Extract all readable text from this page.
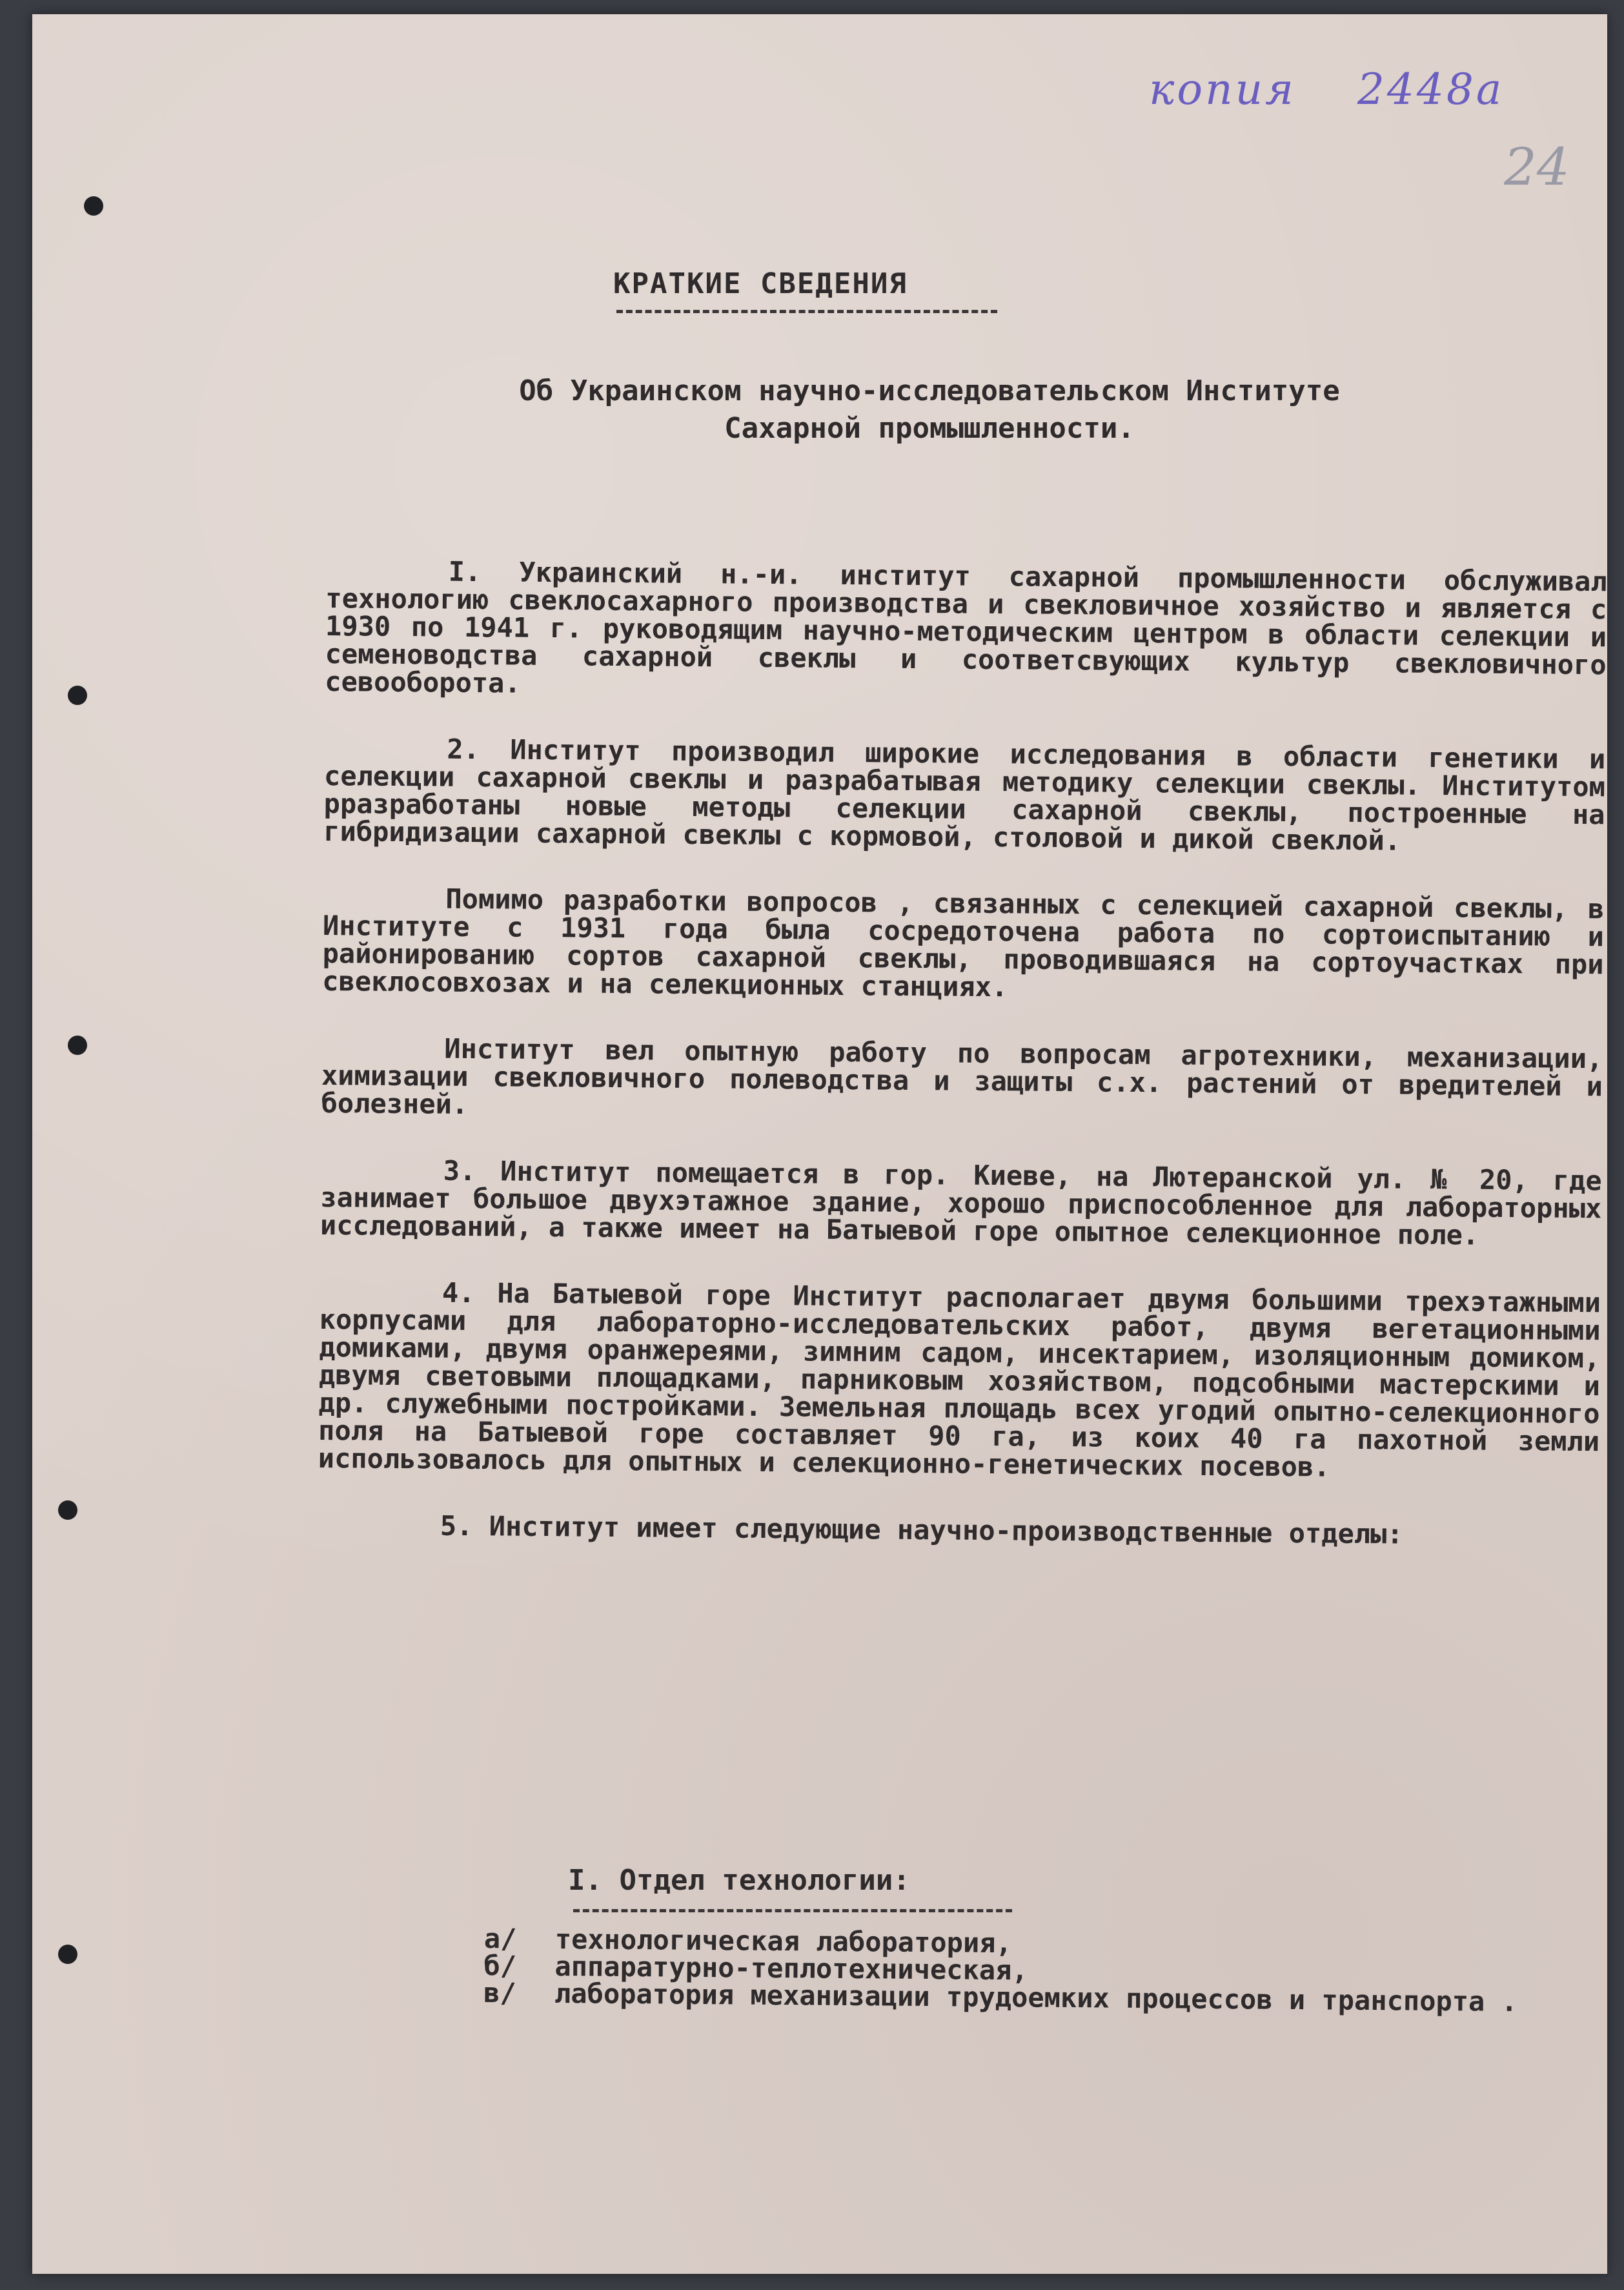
копия 2448а
24
КРАТКИЕ СВЕДЕНИЯ
Об Украинском научно-исследовательском Институте
Сахарной промышленности.

I. Украинский н.-и. институт сахарной промышленности обслуживал технологию свеклосахарного производства и свекловичное хозяйство и является с 1930 по 1941 г. руководящим научно-методическим центром в области селекции и семеноводства сахарной свеклы и соответсвующих культур свекловичного севооборота.

2. Институт производил широкие исследования в области генетики и селекции сахарной свеклы и разрабатывая методику селекции свеклы. Институтом рразработаны новые методы селекции сахарной свеклы, построенные на гибридизации сахарной свеклы с кормовой, столовой и дикой свеклой.

Помимо разработки вопросов , связанных с селекцией сахарной свеклы, в Институте с 1931 года была сосредоточена работа по сортоиспытанию и районированию сортов сахарной свеклы, проводившаяся на сортоучастках при свеклосовхозах и на селекционных станциях.

Институт вел опытную работу по вопросам агротехники, механизации, химизации свекловичного полеводства и защиты с.х. растений от вредителей и болезней.

3. Институт помещается в гор. Киеве, на Лютеранской ул. № 20, где занимает большое двухэтажное здание, хорошо приспособленное для лабораторных исследований, а также имеет на Батыевой горе опытное селекционное поле.

4. На Батыевой горе Институт располагает двумя большими трехэтажными корпусами для лабораторно-исследовательских работ, двумя вегетационными домиками, двумя оранжереями, зимним садом, инсектарием, изоляционным домиком, двумя световыми площадками, парниковым хозяйством, подсобными мастерскими и др. служебными постройками. Земельная площадь всех угодий опытно-селекционного поля на Батыевой горе составляет 90 га, из коих 40 га пахотной земли использовалось для опытных и селекционно-генетических посевов.

5. Институт имеет следующие научно-производственные отделы:

I. Отдел технологии:
а/	технологическая лаборатория,
б/	аппаратурно-теплотехническая,
в/	лаборатория механизации трудоемких процессов и транспорта .
